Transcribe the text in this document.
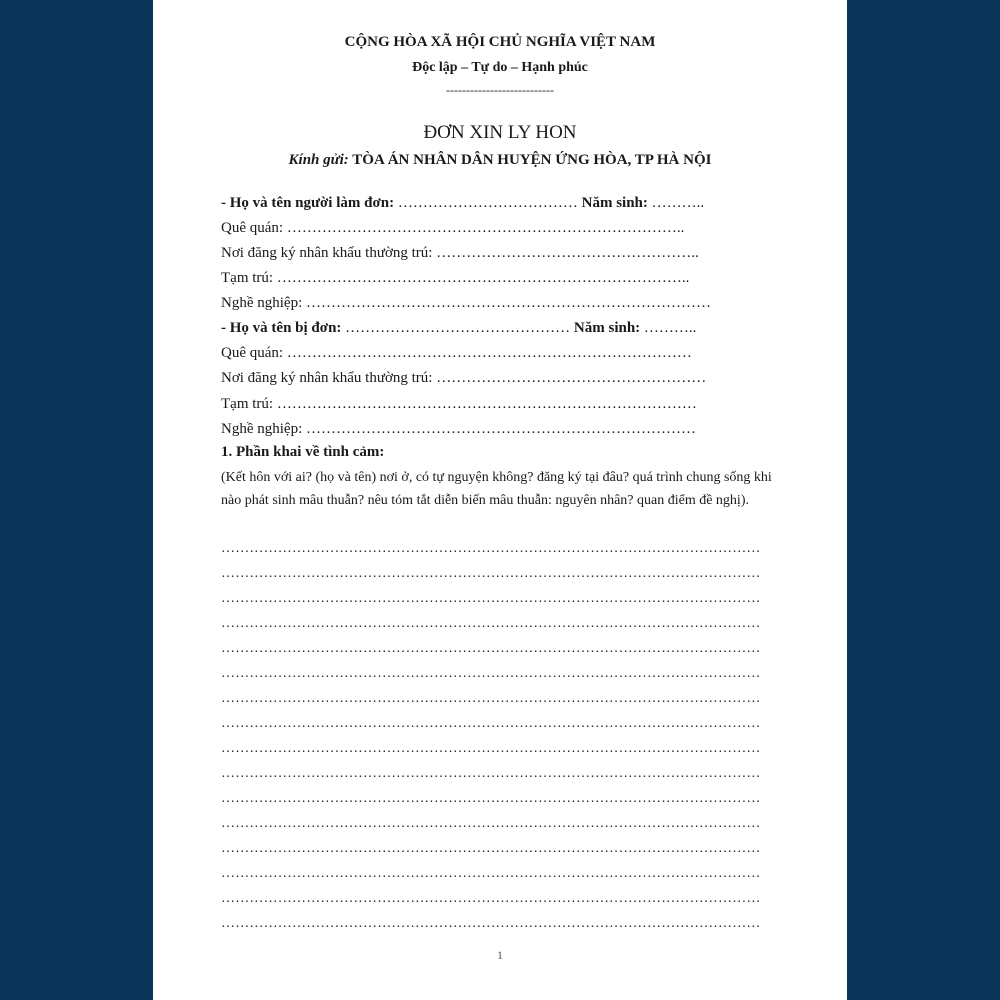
CỘNG HÒA XÃ HỘI CHỦ NGHĨA VIỆT NAM
Độc lập – Tự do – Hạnh phúc
---------------------------
ĐƠN XIN LY HON
Kính gửi: TÒA ÁN NHÂN DÂN HUYỆN ỨNG HÒA, TP HÀ NỘI
- Họ và tên người làm đơn: ……………………………… Năm sinh: ………..
Quê quán: ……………………………………………………………………..
Nơi đăng ký nhân khẩu thường trú: ……………………………………………..
Tạm trú: ………………………………………………………………………..
Nghề nghiệp: ………………………………………………………………………
- Họ và tên bị đơn: ……………………………………… Năm sinh: ………..
Quê quán: ………………………………………………………………………
Nơi đăng ký nhân khẩu thường trú: ………………………………………………
Tạm trú: …………………………………………………………………………
Nghề nghiệp: ……………………………………………………………………
1. Phần khai về tình cảm:
(Kết hôn với ai? (họ và tên) nơi ở, có tự nguyện không? đăng ký tại đâu? quá trình chung sống khi nào phát sinh mâu thuẫn? nêu tóm tắt diễn biến mâu thuẫn: nguyên nhân? quan điểm đề nghị).
……………………………………………………………………………………………………
……………………………………………………………………………………………………
……………………………………………………………………………………………………
……………………………………………………………………………………………………
……………………………………………………………………………………………………
……………………………………………………………………………………………………
……………………………………………………………………………………………………
……………………………………………………………………………………………………
……………………………………………………………………………………………………
……………………………………………………………………………………………………
……………………………………………………………………………………………………
……………………………………………………………………………………………………
……………………………………………………………………………………………………
……………………………………………………………………………………………………
……………………………………………………………………………………………………
……………………………………………………………………………………………………
1
